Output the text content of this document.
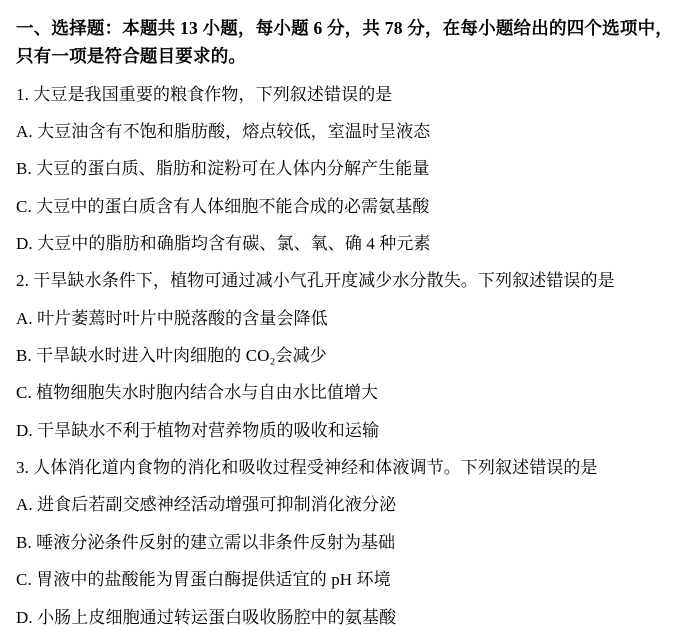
一、选择题：本题共 13 小题，每小题 6 分，共 78 分，在每小题给出的四个选项中，只有一项是符合题目要求的。

1. 大豆是我国重要的粮食作物，下列叙述错误的是

A. 大豆油含有不饱和脂肪酸，熔点较低，室温时呈液态

B. 大豆的蛋白质、脂肪和淀粉可在人体内分解产生能量

C. 大豆中的蛋白质含有人体细胞不能合成的必需氨基酸

D. 大豆中的脂肪和确脂均含有碳、氯、氧、确 4 种元素

2. 干旱缺水条件下，植物可通过减小气孔开度减少水分散失。下列叙述错误的是

A. 叶片萎蔫时叶片中脱落酸的含量会降低

B. 干旱缺水时进入叶肉细胞的 CO₂会减少

C. 植物细胞失水时胞内结合水与自由水比值增大

D. 干旱缺水不利于植物对营养物质的吸收和运输

3. 人体消化道内食物的消化和吸收过程受神经和体液调节。下列叙述错误的是

A. 进食后若副交感神经活动增强可抑制消化液分泌

B. 唾液分泌条件反射的建立需以非条件反射为基础

C. 胃液中的盐酸能为胃蛋白酶提供适宜的 pH 环境

D. 小肠上皮细胞通过转运蛋白吸收肠腔中的氨基酸
